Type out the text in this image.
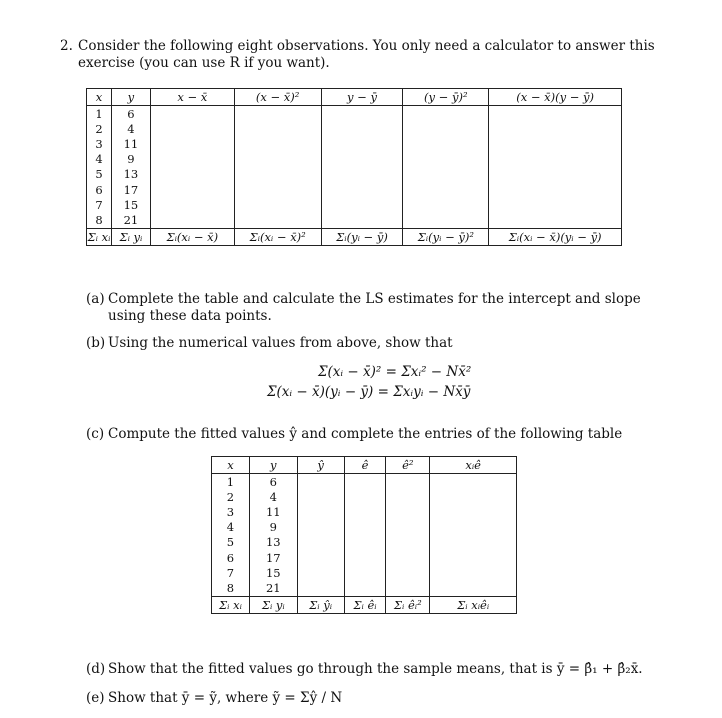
2. Consider the following eight observations. You only need a calculator to answer this exercise (you can use R if you want).
x	y	x − x̄	(x − x̄)²	y − ȳ	(y − ȳ)²	(x − x̄)(y − ȳ)
1	6					
2	4					
3	11					
4	9					
5	13					
6	17					
7	15					
8	21					
Σᵢ xᵢ	Σᵢ yᵢ	Σᵢ(xᵢ − x̄)	Σᵢ(xᵢ − x̄)²	Σᵢ(yᵢ − ȳ)	Σᵢ(yᵢ − ȳ)²	Σᵢ(xᵢ − x̄)(yᵢ − ȳ)
(a) Complete the table and calculate the LS estimates for the intercept and slope using these data points.
(b) Using the numerical values from above, show that
Σ(xᵢ − x̄)² = Σxᵢ² − Nx̄²
Σ(xᵢ − x̄)(yᵢ − ȳ) = Σxᵢyᵢ − Nx̄ȳ
(c) Compute the fitted values ŷ and complete the entries of the following table
x	y	ŷ	ê	ê²	xᵢê
1	6				
2	4				
3	11				
4	9				
5	13				
6	17				
7	15				
8	21				
Σᵢ xᵢ	Σᵢ yᵢ	Σᵢ ŷᵢ	Σᵢ êᵢ	Σᵢ êᵢ²	Σᵢ xᵢêᵢ
(d) Show that the fitted values go through the sample means, that is ȳ = β̂₁ + β̂₂x̄.
(e) Show that ȳ = ỹ, where ỹ = Σŷ / N
